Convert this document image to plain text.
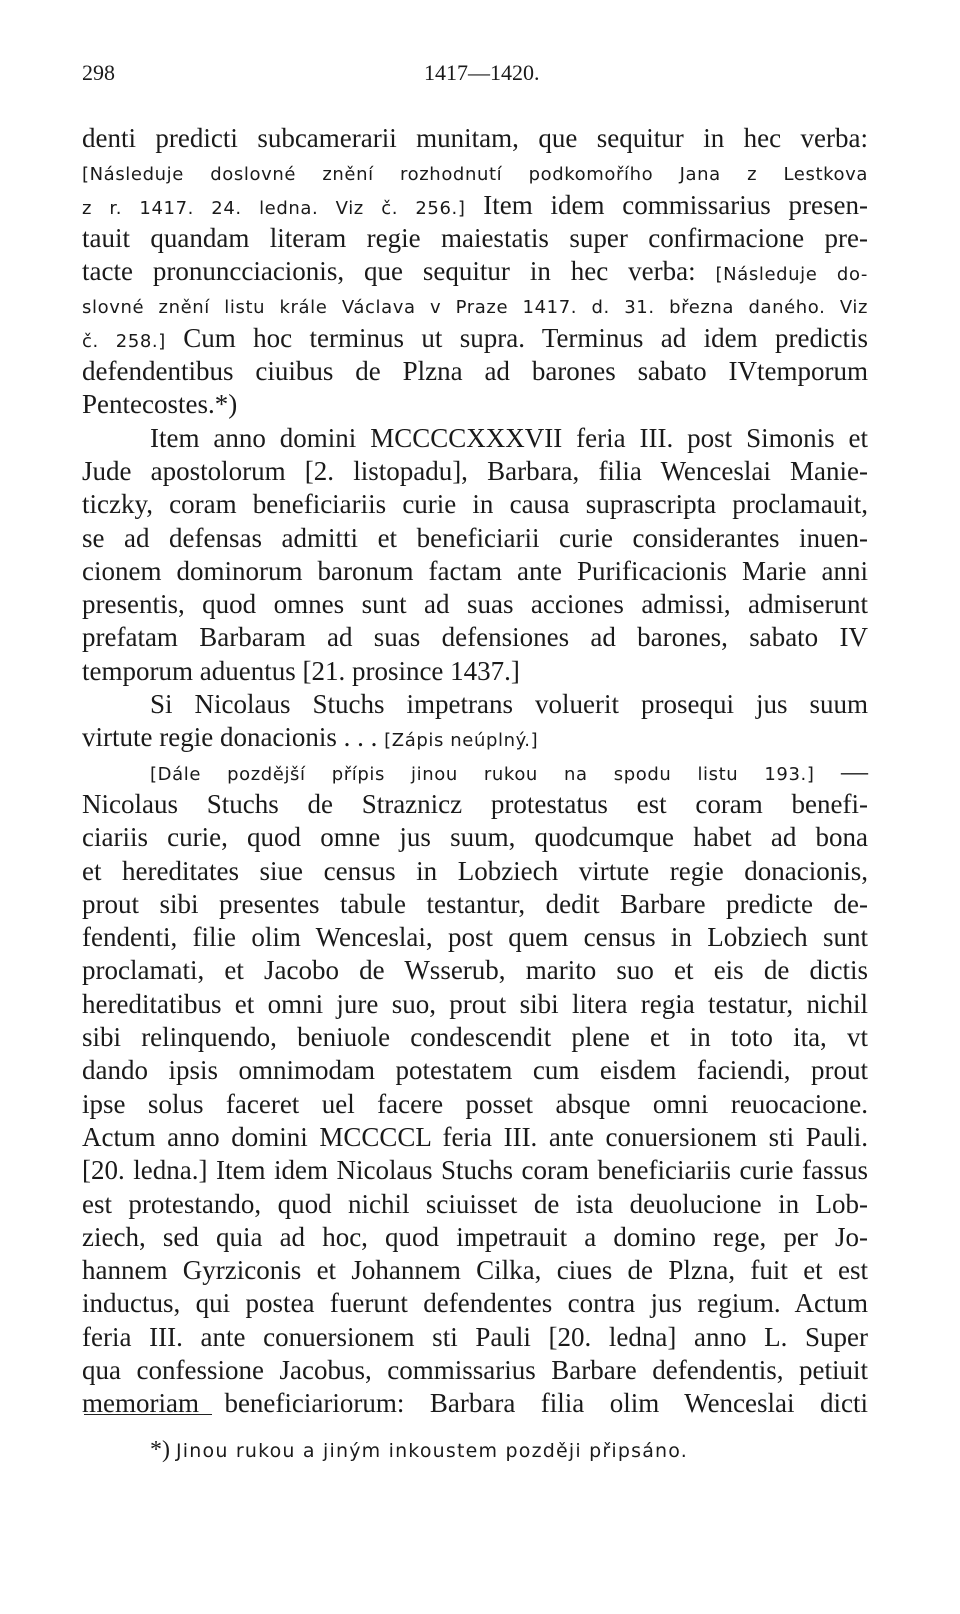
298	1417—1420.
denti predicti subcamerarii munitam, que sequitur in hec verba:
[Následuje doslovné znění rozhodnutí podkomořího Jana z Lestkova
z r. 1417. 24. ledna. Viz č. 256.] Item idem commissarius presen-
tauit quandam literam regie maiestatis super confirmacione pre-
tacte pronuncciacionis, que sequitur in hec verba: [Následuje do-
slovné znění listu krále Václava v Praze 1417. d. 31. března daného. Viz
č. 258.] Cum hoc terminus ut supra. Terminus ad idem predictis
defendentibus ciuibus de Plzna ad barones sabato IVtemporum
Pentecostes.*)
Item anno domini MCCCCXXXVII feria III. post Simonis et
Jude apostolorum [2. listopadu], Barbara, filia Wenceslai Manie-
ticzky, coram beneficiariis curie in causa suprascripta proclamauit,
se ad defensas admitti et beneficiarii curie considerantes inuen-
cionem dominorum baronum factam ante Purificacionis Marie anni
presentis, quod omnes sunt ad suas acciones admissi, admiserunt
prefatam Barbaram ad suas defensiones ad barones, sabato IV
temporum aduentus [21. prosince 1437.]
Si Nicolaus Stuchs impetrans voluerit prosequi jus suum
virtute regie donacionis . . . [Zápis neúplný.]
[Dále pozdější přípis jinou rukou na spodu listu 193.] —
Nicolaus Stuchs de Straznicz protestatus est coram benefi-
ciariis curie, quod omne jus suum, quodcumque habet ad bona
et hereditates siue census in Lobziech virtute regie donacionis,
prout sibi presentes tabule testantur, dedit Barbare predicte de-
fendenti, filie olim Wenceslai, post quem census in Lobziech sunt
proclamati, et Jacobo de Wsserub, marito suo et eis de dictis
hereditatibus et omni jure suo, prout sibi litera regia testatur, nichil
sibi relinquendo, beniuole condescendit plene et in toto ita, vt
dando ipsis omnimodam potestatem cum eisdem faciendi, prout
ipse solus faceret uel facere posset absque omni reuocacione.
Actum anno domini MCCCCL feria III. ante conuersionem sti Pauli.
[20. ledna.] Item idem Nicolaus Stuchs coram beneficiariis curie fassus
est protestando, quod nichil sciuisset de ista deuolucione in Lob-
ziech, sed quia ad hoc, quod impetrauit a domino rege, per Jo-
hannem Gyrziconis et Johannem Cilka, ciues de Plzna, fuit et est
inductus, qui postea fuerunt defendentes contra jus regium. Actum
feria III. ante conuersionem sti Pauli [20. ledna] anno L. Super
qua confessione Jacobus, commissarius Barbare defendentis, petiuit
memoriam beneficiariorum: Barbara filia olim Wenceslai dicti
*) Jinou rukou a jiným inkoustem později připsáno.
